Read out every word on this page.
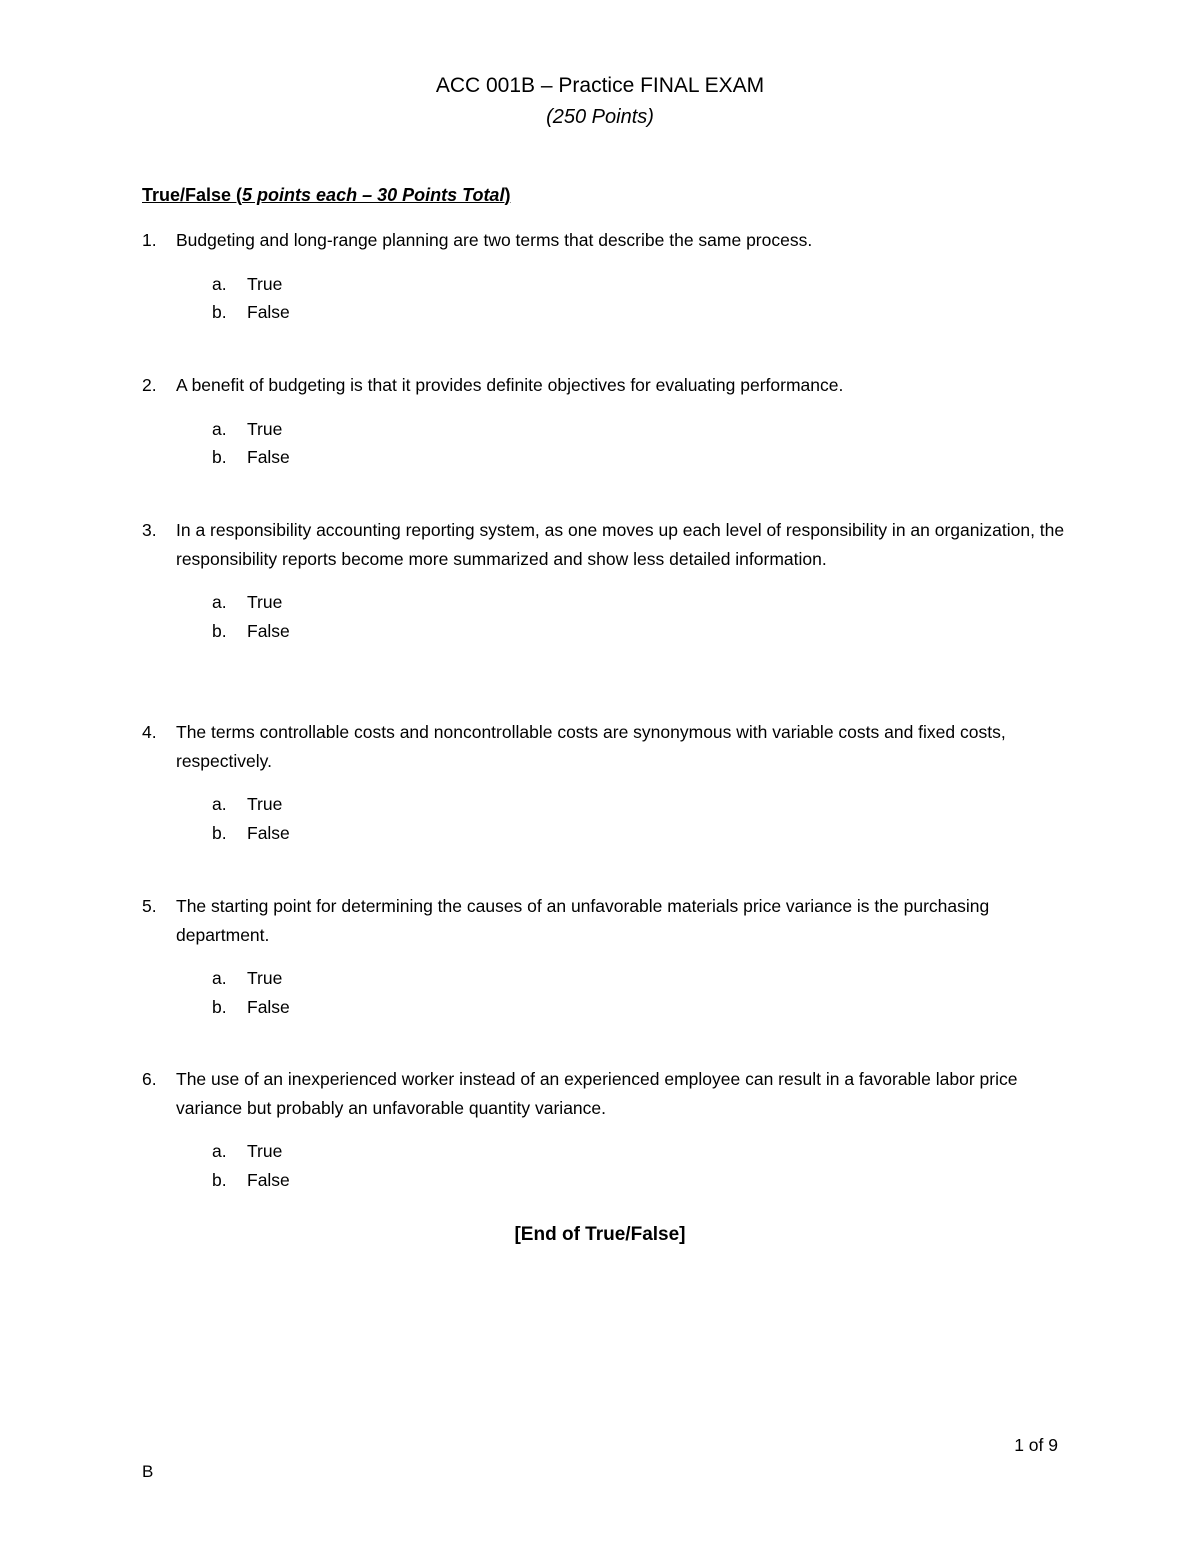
ACC 001B – Practice FINAL EXAM
(250 Points)
True/False (5 points each – 30 Points Total)
1. Budgeting and long-range planning are two terms that describe the same process.
a. True
b. False
2. A benefit of budgeting is that it provides definite objectives for evaluating performance.
a. True
b. False
3. In a responsibility accounting reporting system, as one moves up each level of responsibility in an organization, the responsibility reports become more summarized and show less detailed information.
a. True
b. False
4. The terms controllable costs and noncontrollable costs are synonymous with variable costs and fixed costs, respectively.
a. True
b. False
5. The starting point for determining the causes of an unfavorable materials price variance is the purchasing department.
a. True
b. False
6. The use of an inexperienced worker instead of an experienced employee can result in a favorable labor price variance but probably an unfavorable quantity variance.
a. True
b. False
[End of True/False]
1 of 9
B
